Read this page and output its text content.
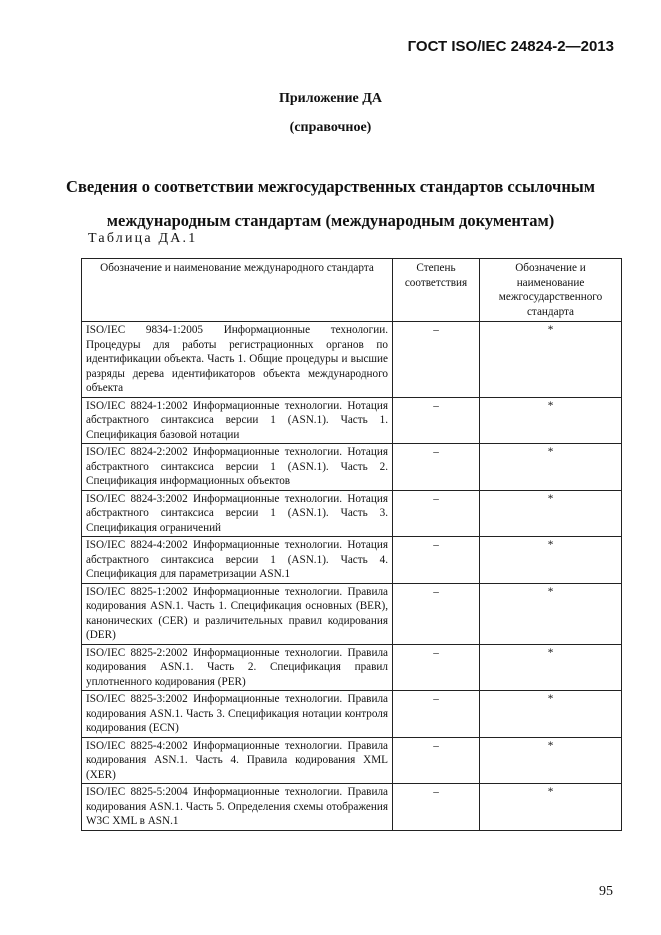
ГОСТ ISO/IEC 24824-2—2013
Приложение ДА
(справочное)
Сведения о соответствии межгосударственных стандартов ссылочным международным стандартам (международным документам)
Таблица ДА.1
Обозначение и наименование международного стандарта	Степень соответствия	Обозначение и наименование межгосударственного стандарта
ISO/IEC 9834-1:2005 Информационные технологии. Процедуры для работы регистрационных органов по идентификации объекта. Часть 1. Общие процедуры и высшие разряды дерева идентификаторов объекта международного объекта	–	*
ISO/IEC 8824-1:2002 Информационные технологии. Нотация абстрактного синтаксиса версии 1 (ASN.1). Часть 1. Спецификация базовой нотации	–	*
ISO/IEC 8824-2:2002 Информационные технологии. Нотация абстрактного синтаксиса версии 1 (ASN.1). Часть 2. Спецификация информационных объектов	–	*
ISO/IEC 8824-3:2002 Информационные технологии. Нотация абстрактного синтаксиса версии 1 (ASN.1). Часть 3. Спецификация ограничений	–	*
ISO/IEC 8824-4:2002 Информационные технологии. Нотация абстрактного синтаксиса версии 1 (ASN.1). Часть 4. Спецификация для параметризации ASN.1	–	*
ISO/IEC 8825-1:2002 Информационные технологии. Правила кодирования ASN.1. Часть 1. Спецификация основных (BER), канонических (CER) и различительных правил кодирования (DER)	–	*
ISO/IEC 8825-2:2002 Информационные технологии. Правила кодирования ASN.1. Часть 2. Спецификация правил уплотненного кодирования (PER)	–	*
ISO/IEC 8825-3:2002 Информационные технологии. Правила кодирования ASN.1. Часть 3. Спецификация нотации контроля кодирования (ECN)	–	*
ISO/IEC 8825-4:2002 Информационные технологии. Правила кодирования ASN.1. Часть 4. Правила кодирования XML (XER)	–	*
ISO/IEC 8825-5:2004 Информационные технологии. Правила кодирования ASN.1. Часть 5. Определения схемы отображения W3C XML в ASN.1	–	*
95
